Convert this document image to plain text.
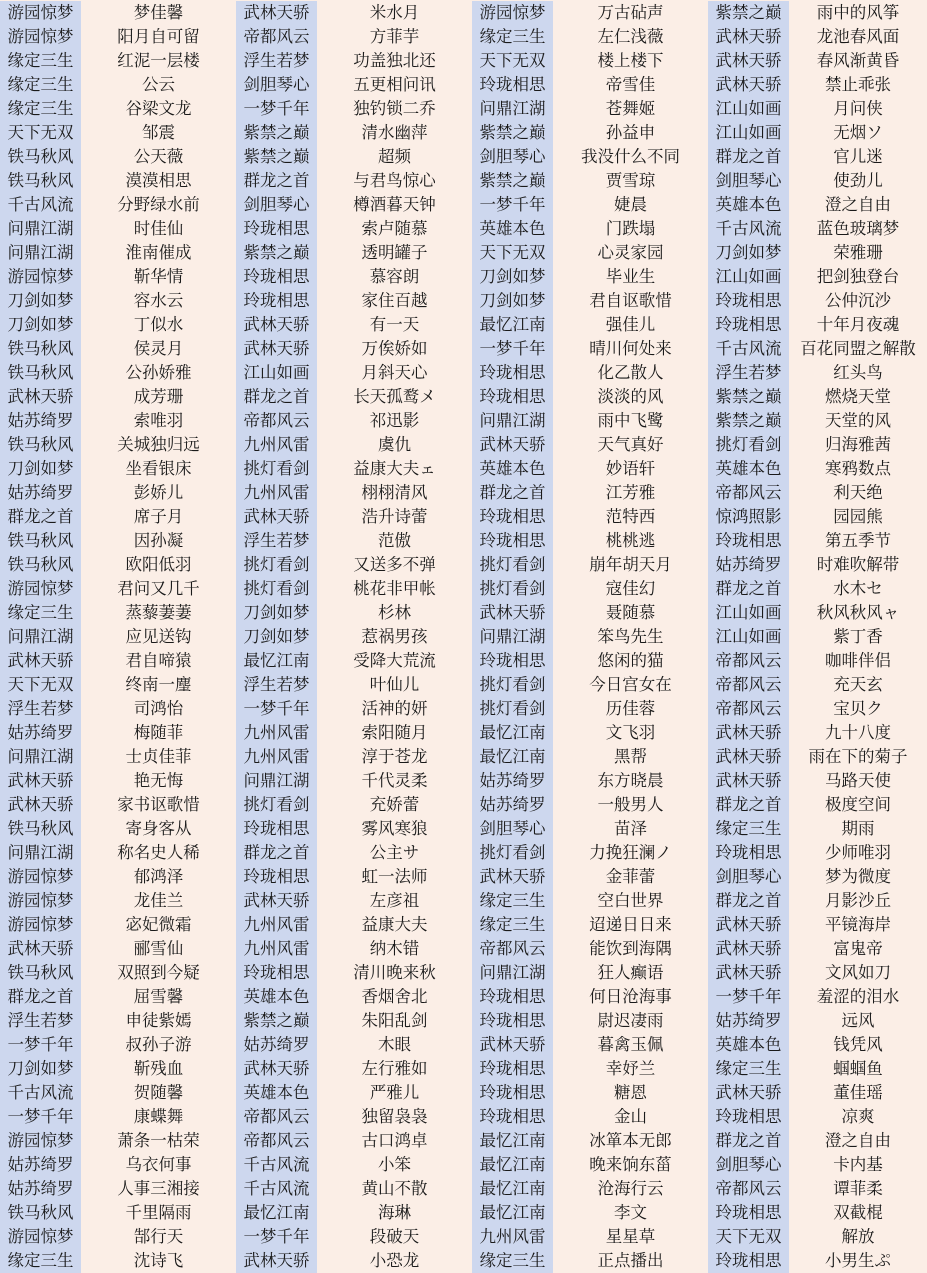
游园惊梦	梦佳馨	武林天骄	米水月	游园惊梦	万古砧声	紫禁之巅	雨中的风筝
游园惊梦	阳月自可留	帝都风云	方菲芋	缘定三生	左仁浅薇	武林天骄	龙池春风面
缘定三生	红泥一层楼	浮生若梦	功盖独北还	天下无双	楼上楼下	武林天骄	春风渐黄昏
缘定三生	公云	剑胆琴心	五更相问讯	玲珑相思	帝雪佳	武林天骄	禁止乖张
缘定三生	谷梁文龙	一梦千年	独钓锁二乔	问鼎江湖	苍舞姬	江山如画	月问侠
天下无双	邹震	紫禁之巅	清水幽萍	紫禁之巅	孙益申	江山如画	无烟ソ
铁马秋风	公天薇	紫禁之巅	超频	剑胆琴心	我没什么不同	群龙之首	官儿迷
铁马秋风	漠漠相思	群龙之首	与君鸟惊心	紫禁之巅	贾雪琼	剑胆琴心	使劲儿
千古风流	分野绿水前	剑胆琴心	樽酒暮天钟	一梦千年	婕晨	英雄本色	澄之自由
问鼎江湖	时佳仙	玲珑相思	索卢随慕	英雄本色	门跌塌	千古风流	蓝色玻璃梦
问鼎江湖	淮南催成	紫禁之巅	透明罐子	天下无双	心灵家园	刀剑如梦	荣雅珊
游园惊梦	靳华情	玲珑相思	慕容朗	刀剑如梦	毕业生	江山如画	把剑独登台
刀剑如梦	容水云	玲珑相思	家住百越	刀剑如梦	君自讴歌惜	玲珑相思	公仲沉沙
刀剑如梦	丁似水	武林天骄	有一天	最忆江南	强佳儿	玲珑相思	十年月夜魂
铁马秋风	侯灵月	武林天骄	万俟娇如	一梦千年	晴川何处来	千古风流	百花同盟之解散
铁马秋风	公孙娇雅	江山如画	月斜天心	玲珑相思	化乙散人	浮生若梦	红头鸟
武林天骄	成芳珊	群龙之首	长天孤鹜メ	玲珑相思	淡淡的风	紫禁之巅	燃烧天堂
姑苏绮罗	索唯羽	帝都风云	祁迅影	问鼎江湖	雨中飞鹭	紫禁之巅	天堂的风
铁马秋风	关城独归远	九州风雷	虞仇	武林天骄	天气真好	挑灯看剑	归海雅茜
刀剑如梦	坐看银床	挑灯看剑	益康大夫ェ	英雄本色	妙语轩	英雄本色	寒鸦数点
姑苏绮罗	彭娇儿	九州风雷	栩栩清风	群龙之首	江芳雅	帝都风云	利天绝
群龙之首	席子月	武林天骄	浩升诗蕾	玲珑相思	范特西	惊鸿照影	园园熊
铁马秋风	因孙凝	浮生若梦	范傲	玲珑相思	桃桃逃	玲珑相思	第五季节
铁马秋风	欧阳低羽	挑灯看剑	又送多不弹	挑灯看剑	崩年胡天月	姑苏绮罗	时难吹解带
游园惊梦	君问又几千	挑灯看剑	桃花非甲帐	挑灯看剑	寇佳幻	群龙之首	水木セ
缘定三生	蒸藜萋萋	刀剑如梦	杉林	武林天骄	聂随慕	江山如画	秋风秋风ャ
问鼎江湖	应见送钩	刀剑如梦	惹祸男孩	问鼎江湖	笨鸟先生	江山如画	紫丁香
武林天骄	君自啼猿	最忆江南	受降大荒流	玲珑相思	悠闲的猫	帝都风云	咖啡伴侣
天下无双	终南一麈	浮生若梦	叶仙儿	挑灯看剑	今日宫女在	帝都风云	充天玄
浮生若梦	司鸿怡	一梦千年	活神的妍	挑灯看剑	历佳蓉	帝都风云	宝贝ク
姑苏绮罗	梅随菲	九州风雷	索阳随月	最忆江南	文飞羽	武林天骄	九十八度
问鼎江湖	士贞佳菲	九州风雷	淳于苍龙	最忆江南	黑帮	武林天骄	雨在下的菊子
武林天骄	艳无悔	问鼎江湖	千代灵柔	姑苏绮罗	东方晓晨	武林天骄	马路天使
武林天骄	家书讴歌惜	挑灯看剑	充娇蕾	姑苏绮罗	一般男人	群龙之首	极度空间
铁马秋风	寄身客从	玲珑相思	雾风寒狼	剑胆琴心	苗泽	缘定三生	期雨
问鼎江湖	称名史人稀	群龙之首	公主サ	挑灯看剑	力挽狂澜ノ	玲珑相思	少师唯羽
游园惊梦	郁鸿泽	玲珑相思	虹一法师	武林天骄	金菲蕾	剑胆琴心	梦为微度
游园惊梦	龙佳兰	武林天骄	左彦祖	缘定三生	空白世界	群龙之首	月影沙丘
游园惊梦	宓妃微霜	九州风雷	益康大夫	缘定三生	迢递日日来	武林天骄	平镜海岸
武林天骄	郦雪仙	九州风雷	纳木错	帝都风云	能饮到海隅	武林天骄	富鬼帝
铁马秋风	双照到今疑	玲珑相思	清川晚来秋	问鼎江湖	狂人癫语	武林天骄	文风如刀
群龙之首	屈雪馨	英雄本色	香烟舍北	玲珑相思	何日沧海事	一梦千年	羞涩的泪水
浮生若梦	申徒紫嫣	紫禁之巅	朱阳乱剑	玲珑相思	尉迟凄雨	姑苏绮罗	远风
一梦千年	叔孙子游	姑苏绮罗	木眼	武林天骄	暮禽玉佩	英雄本色	钱凭风
刀剑如梦	靳残血	武林天骄	左行雅如	玲珑相思	幸妤兰	缘定三生	蝈蝈鱼
千古风流	贺随馨	英雄本色	严雅儿	玲珑相思	糖恩	武林天骄	董佳瑶
一梦千年	康蝶舞	帝都风云	独留袅袅	玲珑相思	金山	玲珑相思	凉爽
游园惊梦	萧条一枯荣	帝都风云	古口鸿卓	最忆江南	冰箪本无郎	群龙之首	澄之自由
姑苏绮罗	乌衣何事	千古风流	小笨	最忆江南	晚来饷东菑	剑胆琴心	卡内基
姑苏绮罗	人事三湘接	千古风流	黄山不散	最忆江南	沧海行云	帝都风云	谭菲柔
铁马秋风	千里隔雨	最忆江南	海琳	最忆江南	李文	玲珑相思	双截棍
游园惊梦	郜行天	一梦千年	段破天	九州风雷	星星草	天下无双	解放
缘定三生	沈诗飞	武林天骄	小恐龙	缘定三生	正点播出	玲珑相思	小男生ぷ
